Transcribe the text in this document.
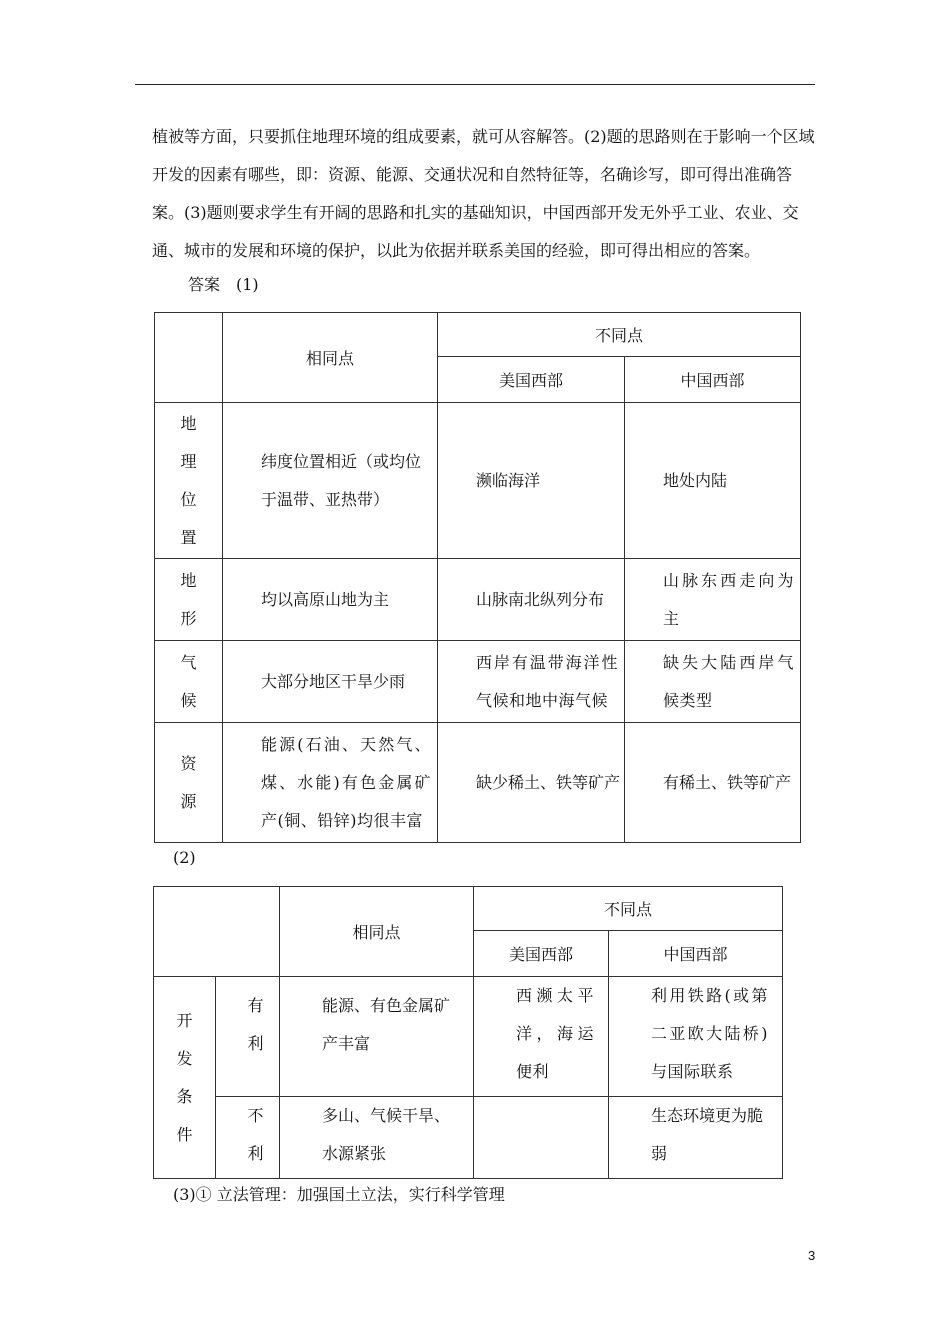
植被等方面，只要抓住地理环境的组成要素，就可从容解答。(2)题的思路则在于影响一个区域开发的因素有哪些，即：资源、能源、交通状况和自然特征等，名确诊写，即可得出准确答案。(3)题则要求学生有开阔的思路和扎实的基础知识，中国西部开发无外乎工业、农业、交通、城市的发展和环境的保护，以此为依据并联系美国的经验，即可得出相应的答案。
答案　(1)
	相同点	不同点	
		美国西部	中国西部
地理位置	纬度位置相近（或均位于温带、亚热带）	濒临海洋	地处内陆
地形	均以高原山地为主	山脉南北纵列分布	山脉东西走向为主
气候	大部分地区干旱少雨	西岸有温带海洋性气候和地中海气候	缺失大陆西岸气候类型
资源	能源(石油、天然气、煤、水能)有色金属矿产(铜、铅锌)均很丰富	缺少稀土、铁等矿产	有稀土、铁等矿产
(2)
		相同点	不同点	
			美国西部	中国西部
开发条件	有利	能源、有色金属矿产丰富	西濒太平洋，海运便利	利用铁路(或第二亚欧大陆桥)与国际联系
	不利	多山、气候干旱、水源紧张		生态环境更为脆弱
(3)① 立法管理：加强国土立法，实行科学管理
3
